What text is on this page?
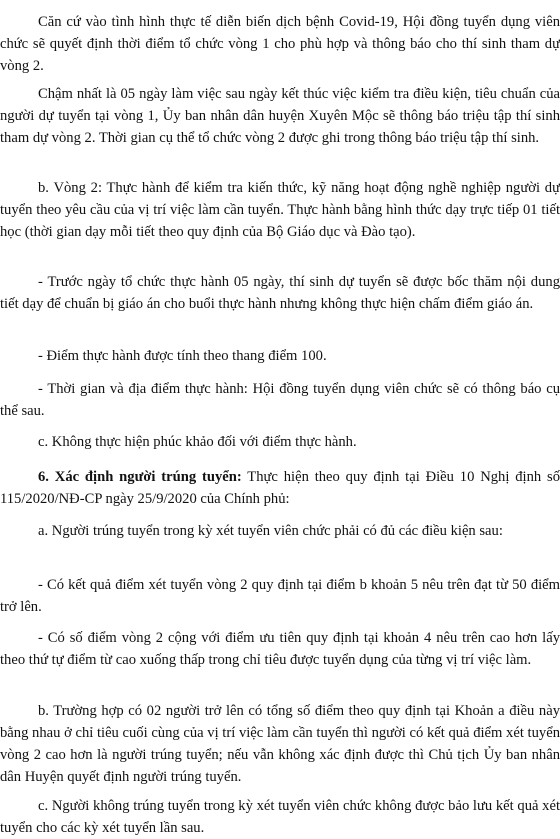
Căn cứ vào tình hình thực tế diễn biến dịch bệnh Covid-19, Hội đồng tuyển dụng viên chức sẽ quyết định thời điểm tổ chức vòng 1 cho phù hợp và thông báo cho thí sinh tham dự vòng 2.

Chậm nhất là 05 ngày làm việc sau ngày kết thúc việc kiểm tra điều kiện, tiêu chuẩn của người dự tuyển tại vòng 1, Ủy ban nhân dân huyện Xuyên Mộc sẽ thông báo triệu tập thí sinh tham dự vòng 2. Thời gian cụ thể tổ chức vòng 2 được ghi trong thông báo triệu tập thí sinh.

b. Vòng 2: Thực hành để kiểm tra kiến thức, kỹ năng hoạt động nghề nghiệp người dự tuyển theo yêu cầu của vị trí việc làm cần tuyển. Thực hành bằng hình thức dạy trực tiếp 01 tiết học (thời gian dạy mỗi tiết theo quy định của Bộ Giáo dục và Đào tạo).

- Trước ngày tổ chức thực hành 05 ngày, thí sinh dự tuyển sẽ được bốc thăm nội dung tiết dạy để chuẩn bị giáo án cho buổi thực hành nhưng không thực hiện chấm điểm giáo án.

- Điểm thực hành được tính theo thang điểm 100.

- Thời gian và địa điểm thực hành: Hội đồng tuyển dụng viên chức sẽ có thông báo cụ thể sau.

c. Không thực hiện phúc khảo đối với điểm thực hành.

6. Xác định người trúng tuyển: Thực hiện theo quy định tại Điều 10 Nghị định số 115/2020/NĐ-CP ngày 25/9/2020 của Chính phủ:

a. Người trúng tuyển trong kỳ xét tuyển viên chức phải có đủ các điều kiện sau:

- Có kết quả điểm xét tuyển vòng 2 quy định tại điểm b khoản 5 nêu trên đạt từ 50 điểm trở lên.

- Có số điểm vòng 2 cộng với điểm ưu tiên quy định tại khoản 4 nêu trên cao hơn lấy theo thứ tự điểm từ cao xuống thấp trong chỉ tiêu được tuyển dụng của từng vị trí việc làm.

b. Trường hợp có 02 người trở lên có tổng số điểm theo quy định tại Khoản a điều này bằng nhau ở chỉ tiêu cuối cùng của vị trí việc làm cần tuyển thì người có kết quả điểm xét tuyển vòng 2 cao hơn là người trúng tuyển; nếu vẫn không xác định được thì Chủ tịch Ủy ban nhân dân Huyện quyết định người trúng tuyển.

c. Người không trúng tuyển trong kỳ xét tuyển viên chức không được bảo lưu kết quả xét tuyển cho các kỳ xét tuyển lần sau.
